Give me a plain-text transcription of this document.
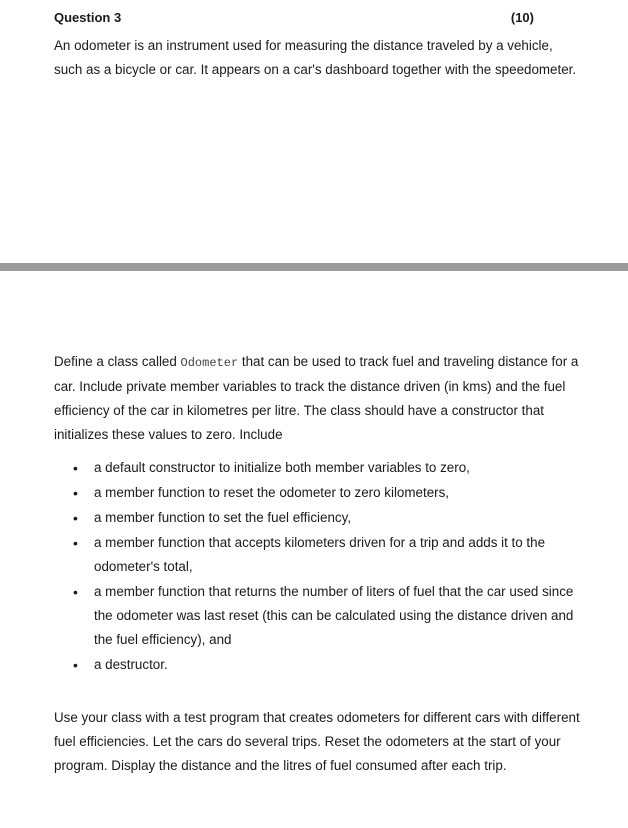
Question 3	(10)

An odometer is an instrument used for measuring the distance traveled by a vehicle, such as a bicycle or car. It appears on a car's dashboard together with the speedometer.

Define a class called Odometer that can be used to track fuel and traveling distance for a car. Include private member variables to track the distance driven (in kms) and the fuel efficiency of the car in kilometres per litre. The class should have a constructor that initializes these values to zero. Include

• a default constructor to initialize both member variables to zero,
• a member function to reset the odometer to zero kilometers,
• a member function to set the fuel efficiency,
• a member function that accepts kilometers driven for a trip and adds it to the odometer's total,
• a member function that returns the number of liters of fuel that the car used since the odometer was last reset (this can be calculated using the distance driven and the fuel efficiency), and
• a destructor.

Use your class with a test program that creates odometers for different cars with different fuel efficiencies. Let the cars do several trips. Reset the odometers at the start of your program. Display the distance and the litres of fuel consumed after each trip.
